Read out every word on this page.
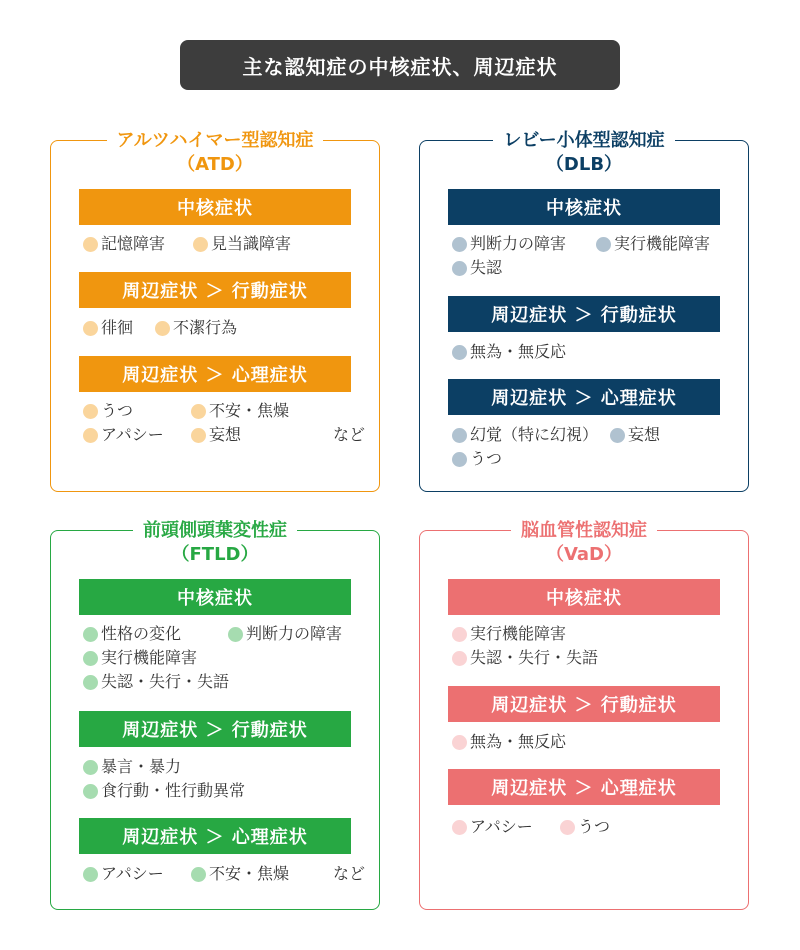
主な認知症の中核症状、周辺症状
アルツハイマー型認知症
（ATD）
中核症状
記憶障害	見当識障害
周辺症状 ＞ 行動症状
徘徊 不潔行為
周辺症状 ＞ 心理症状
うつ	不安・焦燥
アパシー	妄想	など
レビー小体型認知症
（DLB）
中核症状
判断力の障害	実行機能障害
失認
周辺症状 ＞ 行動症状
無為・無反応
周辺症状 ＞ 心理症状
幻覚（特に幻視） 妄想
うつ
前頭側頭葉変性症
（FTLD）
中核症状
性格の変化	判断力の障害
実行機能障害
失認・失行・失語
周辺症状 ＞ 行動症状
暴言・暴力
食行動・性行動異常
周辺症状 ＞ 心理症状
アパシー	不安・焦燥	など
脳血管性認知症
（VaD）
中核症状
実行機能障害
失認・失行・失語
周辺症状 ＞ 行動症状
無為・無反応
周辺症状 ＞ 心理症状
アパシー	うつ
